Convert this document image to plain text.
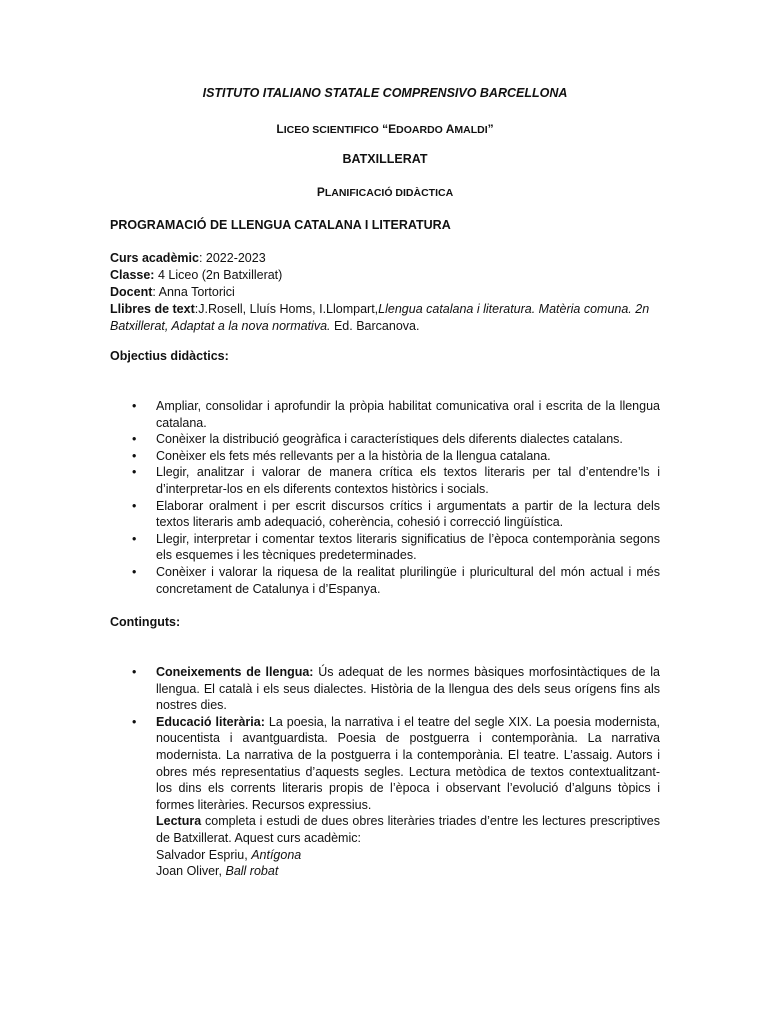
ISTITUTO ITALIANO STATALE COMPRENSIVO BARCELLONA
LICEO SCIENTIFICO “EDOARDO AMALDI”
BATXILLERAT
PLANIFICACIÓ DIDÀCTICA
PROGRAMACIÓ DE LLENGUA CATALANA I LITERATURA
Curs acadèmic: 2022-2023
Classe: 4 Liceo (2n Batxillerat)
Docent: Anna Tortorici
Llibres de text:J.Rosell, Lluís Homs, I.Llompart,Llengua catalana i literatura. Matèria comuna. 2n Batxillerat, Adaptat a la nova normativa. Ed. Barcanova.
Objectius didàctics:
• Ampliar, consolidar i aprofundir la pròpia habilitat comunicativa oral i escrita de la llengua catalana.
• Conèixer la distribució geogràfica i característiques dels diferents dialectes catalans.
• Conèixer els fets més rellevants per a la història de la llengua catalana.
• Llegir, analitzar i valorar de manera crítica els textos literaris per tal d’entendre’ls i d’interpretar-los en els diferents contextos històrics i socials.
• Elaborar oralment i per escrit discursos crítics i argumentats a partir de la lectura dels textos literaris amb adequació, coherència, cohesió i correcció lingüística.
• Llegir, interpretar i comentar textos literaris significatius de l’època contemporània segons els esquemes i les tècniques predeterminades.
• Conèixer i valorar la riquesa de la realitat plurilingüe i pluricultural del món actual i més concretament de Catalunya i d’Espanya.
Continguts:
• Coneixements de llengua: Ús adequat de les normes bàsiques morfosintàctiques de la llengua. El català i els seus dialectes. Història de la llengua des dels seus orígens fins als nostres dies.
• Educació literària: La poesia, la narrativa i el teatre del segle XIX. La poesia modernista, noucentista i avantguardista. Poesia de postguerra i contemporània. La narrativa modernista. La narrativa de la postguerra i la contemporània. El teatre. L’assaig. Autors i obres més representatius d’aquests segles. Lectura metòdica de textos contextualitzant-los dins els corrents literaris propis de l’època i observant l’evolució d’alguns tòpics i formes literàries. Recursos expressius.
Lectura completa i estudi de dues obres literàries triades d’entre les lectures prescriptives de Batxillerat. Aquest curs acadèmic:
Salvador Espriu, Antígona
Joan Oliver, Ball robat
